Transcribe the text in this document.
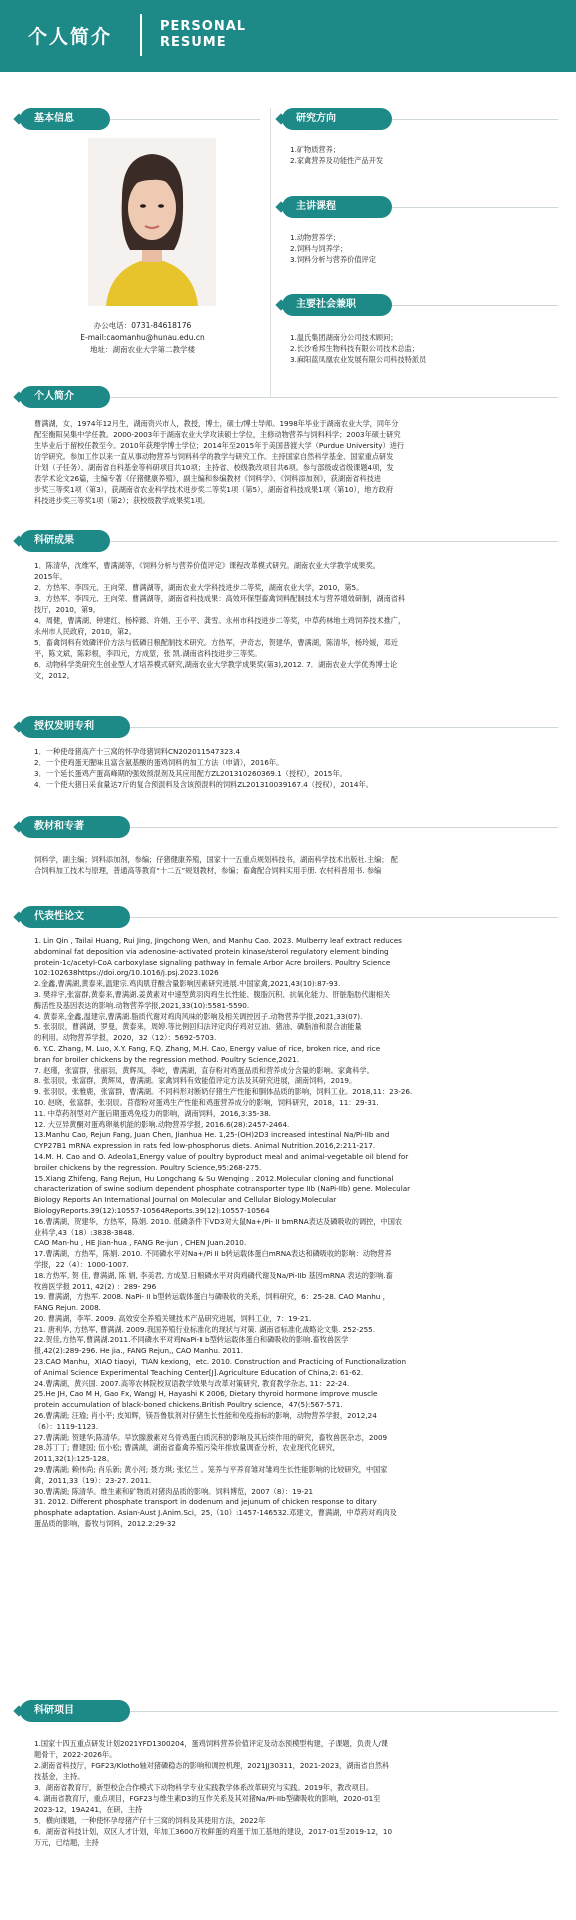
个人简介	PERSONAL
RESUME
基本信息
办公电话：0731-84618176
E-mail:caomanhu@hunau.edu.cn
地址：湖南农业大学第二教学楼
研究方向

1.矿物质营养；

2.家禽营养及功能性产品开发

主讲课程

1.动物营养学；

2.饲料与饲养学；

3.饲料分析与营养价值评定

主要社会兼职

1.温氏集团湖南分公司技术顾问；

2.长沙希邦生物科技有限公司技术总监；

3.麻阳蓝凤凰农业发展有限公司科技特派员

个人简介

曹满湖，女，1974年12月生，湖南资兴市人，教授，博士，硕士/博士导师。1998年毕业于湖南农业大学，同年分

配至衡阳吴集中学任教。2000-2003年于湖南农业大学攻读硕士学位，主修动物营养与饲料科学；2003年硕士研究

生毕业后于留校任教至今。2010年获理学博士学位；2014年至2015年于美国普渡大学（Purdue University）进行

访学研究。参加工作以来一直从事动物营养与饲料科学的教学与研究工作。主持国家自然科学基金、国家重点研发

计划（子任务）、湖南省自科基金等科研项目共10项；主持省、校级教改项目共6项。参与部级或省级课题4项，发

表学术论文26篇，主编专著《仔猪健康养殖》，副主编和参编教材《饲料学》、《饲料添加剂》，获湖南省科技进

步奖三等奖1项（第3），获湖南省农业科学技术进步奖二等奖1项（第5），湖南省科技成果1项（第10），地方政府

科技进步奖三等奖1项（第2）；获校级教学成果奖1项。

科研成果

1．陈清华，沈维军，曹满湖等，《饲料分析与营养价值评定》课程改革模式研究。湖南农业大学教学成果奖。

2015年。

2．方热军、李四元、王向荣、曹满湖等，湖南农业大学科技进步二等奖，湖南农业大学，2010，第5。

3．方热军、李四元、王向荣、曹满湖等，湖南省科技成果：高效环保型畜禽饲料配制技术与营养增效研制，湖南省科

技厅，2010，第9。

4．周健，曹满湖、钟建红、杨梓懿、许娟、王小平、龚雪。永州市科技进步二等奖，中草药林地土鸡饲养技术推广，

永州市人民政府，2010，第2。

5．畜禽饲料有效磷评价方法与低磷日粮配制技术研究。方热军，尹奇志，贺建华，曹满湖，陈清华，杨玲媛，邓近

平，陈文斌，陈彩根，李四元，方成堃，张 凯.湖南省科技进步三等奖。

6．动物科学类研究生创业型人才培养模式研究,湖南农业大学教学成果奖(第3),2012. 7．湖南农业大学优秀博士论

文，2012。

授权发明专利

1．一种使母猪高产十三窝的怀孕母猪饲料CN202011547323.4

2．一个使鸡蛋无腥味且富含氨基酸的蛋鸡饲料的加工方法（申请），2016年。

3．一个延长蛋鸡产蛋高峰期的强效预混剂及其应用配方ZL201310260369.1（授权），2015年。

4．一个使大猪日采食量达7斤的复合预混料及含该预混料的饲料ZL201310039167.4（授权），2014年。

教材和专著

饲料学，副主编；饲料添加剂，参编；仔猪健康养殖，国家十一五重点规划科技书，湖南科学技术出版社.主编； 配

合饲料加工技术与原理，普通高等教育“十二五”规划教材，参编；畜禽配合饲料实用手册. 农村科普用书. 参编

代表性论文

1. Lin Qin , Tailai Huang, Rui Jing, Jingchong Wen, and Manhu Cao. 2023. Mulberry leaf extract reduces

abdominal fat deposition via adenosine-activated protein kinase/sterol regulatory element binding

protein-1c/acetyl-CoA carboxylase signaling pathway in female Arbor Acre broilers. Poultry Science

102:102638https://doi.org/10.1016/j.psj.2023.1026

2.金鑫,曹满湖,黄泰来,温建宗.鸡肉肌苷酸含量影响因素研究进展.中国家禽,2021,43(10):87-93.

3. 樊祥宇,张富群,黄泰来,曹满湖.姜黄素对中速型黄羽肉鸡生长性能、腹脂沉积、抗氧化能力、肝脏脂肪代谢相关

酶活性及基因表达的影响.动物营养学报,2021,33(10):5581-5590.

4. 黄泰来,金鑫,温建宗,曹满湖.脂质代谢对鸡肉风味的影响及相关调控因子.动物营养学报,2021,33(07).

5. 张羽辰，曹满湖，罗曼，黄泰来，周婷.等比例回归法评定肉仔鸡对豆油、猪油、磷脂油和混合油能量

的利用。动物营养学报，2020，32（12）：5692-5703.

6. Y.C. Zhang, M. Luo, X.Y. Fang, F.Q. Zhang, M.H. Cao, Energy value of rice, broken rice, and rice

bran for broiler chickens by the regression method. Poultry Science,2021.

7. 赵瑾，张富群，张丽羽，黄辉凤，李屹，曹满湖，直存粉对鸡蛋品质和营养成分含量的影响。家禽科学。

8. 张羽辰，张富群，黄辉凤，曹满湖。家禽饲料有效能值评定方法及其研究进展，湖南饲料，2019。

9. 张羽辰，张雅鹿，张富群，曹满湖。不同科形对断奶仔猪生产性能和胴体品质的影响，饲料工业。2018,11：23-26.

10. 赵晓，张富群，张羽辰。苜蓿粉对蛋鸡生产性能和鸡蛋营养成分的影响，饲料研究，2018，11：29-31.

11. 中草药剂型对产蛋后期蛋鸡免疫力的影响，湖南饲料，2016,3:35-38.

12. 大豆异黄酮对蛋鸡卵巢机能的影响.动物营养学报, 2016.6(28):2457-2464.

13.Manhu Cao, Rejun Fang, Juan Chen, Jianhua He. 1,25-(OH)2D3 increased intestinal Na/Pi-IIb and

CYP27B1 mRNA expression in rats fed low-phosphorus diets. Animal Nutrition.2016,2:211-217.

14.M. H. Cao and O. Adeola1,Energy value of poultry byproduct meal and animal-vegetable oil blend for

broiler chickens by the regression. Poultry Science,95:268-275.

15.Xiang Zhifeng, Fang Rejun, Hu Longchang & Su Wenqing . 2012.Molecular cloning and functional

characterization of swine sodium dependent phosphate cotransporter type IIb (NaPi-IIb) gene. Molecular

Biology Reports An International Journal on Molecular and Cellular Biology.Molecular

BiologyReports.39(12):10557-10564Reports.39(12):10557-10564

16.曹满湖，贺建华，方热军，陈娟. 2010. 低磷条件下VD3对大鼠Na+/Pi- II bmRNA表达及磷吸收的调控，中国农

业科学,43（18）:3838-3848.

CAO Man-hu , HE Jian-hua , FANG Re-jun , CHEN Juan.2010.

17.曹满湖，方热军，陈娟. 2010. 不同磷水平对Na+/Pi II b转运载体蛋白mRNA表达和磷吸收的影响：动物营养

学报，22（4）：1000-1007.

18.方热军, 贺 佳, 曹满湖, 陈 娟, 李美君, 方成堃.日粮磷水平对肉鸡磷代谢及Na/Pi-IIb 基因mRNA 表达的影响.畜

牧兽医学报 2011, 42(2) ：289- 296

19. 曹满湖，方热军. 2008. NaPi- II b型转运载体蛋白与磷吸收的关系，饲料研究，6：25-28. CAO Manhu ，

FANG Rejun. 2008.

20. 曹满湖，李军. 2009. 高效安全养殖关键技术产品研究进展，饲料工业，7：19-21.

21. 唐利华, 方热军, 曹满湖. 2009.我国养殖行业标准化的现状与对策. 湖南省标准化战略论文集. 252-255.

22.贺佳,方热军,曹满湖.2011.不同磷水平对鸡NaPi-Ⅱ b型转运载体蛋白和磷吸收的影响.畜牧兽医学

报,42(2):289-296. He jia., FANG Rejun,, CAO Manhu. 2011.

23.CAO Manhu，XIAO tiaoyi，TIAN kexiong，etc. 2010. Construction and Practicing of Functionalization

of Animal Science Experimental Teaching Center[J].Agriculture Education of China,2: 61-62.

24.曹满湖，黄兴国. 2007.高等农林院校双语教学效果与改革对策研究, 教育教学杂志, 11：22-24.

25.He JH, Cao M H, Gao Fx, WangJ H, Hayashi K 2006, Dietary thyroid hormone improve muscle

protein accumulation of black-boned chickens.British Poultry science，47(5):567-571.

26.曹满湖; 汪瑜; 肖小平; 皮知辉，镁吾鲁肽剂对仔猪生长性能和免疫指标的影响，动物营养学报，2012,24

（6）：1119-1123.

27.曹满湖; 贺建华;陈清华。早饮腺激素对乌骨鸡蛋白质沉积的影响及其后续作用的研究，畜牧兽医杂志，2009

28.苏丁丁; 曹建国; 伍小松; 曹满湖，湖南省畜禽养殖污染年排放量调查分析，农业现代化研究，

2011,32(1):125-128。

29.曹满湖; 赖伟尚; 肖乐新; 黄小河; 聂方琪; 张忆兰 。笼养与平养育雏对雏鸡生长性能影响的比较研究，中国家

禽，2011,33（19）：23-27. 2011.

30.曹满湖; 陈清华。维生素和矿物质对猪肉品质的影响。饲料博览，2007（8）：19-21

31. 2012. Different phosphate transport in dodenum and jejunum of chicken response to ditary

phosphate adaptation. Asian-Aust J.Anim.Sci，25,（10）:1457-146532.邓建文，曹满湖，中草药对鸡肉及

蛋品质的影响，畜牧与饲料，2012.2:29-32

科研项目

1.国家十四五重点研发计划2021YFD1300204，蛋鸡饲料营养价值评定及动态预模型构建，子课题，负责人/课

题骨干，2022-2026年。

2.湖南省科技厅，FGF23/Klotho轴对猪磷稳态的影响和调控机理，2021JJ30311，2021-2023，湖南省自然科

技基金，主持。

3．湖南省教育厅，新型校企合作模式下动物科学专业实践教学体系改革研究与实践。2019年，教改项目。

4. 湖南省教育厅，重点项目，FGF23与维生素D3的互作关系及其对猪Na/Pi-IIb型磷吸收的影响，2020-01至

2023-12，19A241，在研，主持

5．横向课题，一种使怀孕母猪产仔十三窝的饲料及其使用方法，2022年

6．湖南省科技计划，双区人才计划，年加工3600万枚鲜蛋的鸡蛋干加工基地的建设，2017-01至2019-12，10

万元，已结题，主持
